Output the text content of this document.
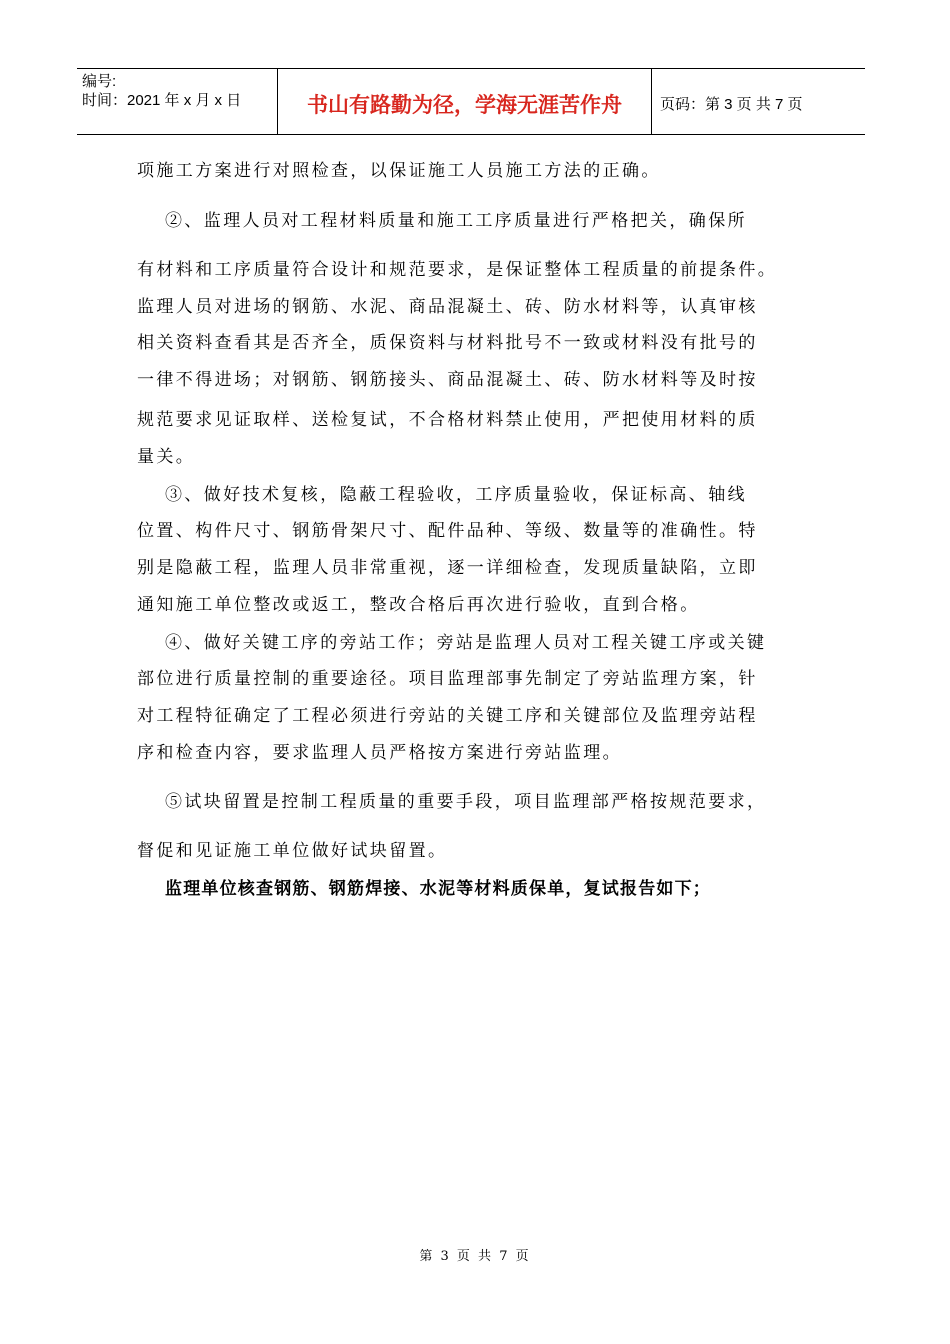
编号:
时间：2021 年 x 月 x 日	书山有路勤为径，学海无涯苦作舟	页码：第 3 页 共 7 页
项施工方案进行对照检查，以保证施工人员施工方法的正确。
②、监理人员对工程材料质量和施工工序质量进行严格把关，确保所
有材料和工序质量符合设计和规范要求，是保证整体工程质量的前提条件。
监理人员对进场的钢筋、水泥、商品混凝土、砖、防水材料等，认真审核
相关资料查看其是否齐全，质保资料与材料批号不一致或材料没有批号的
一律不得进场；对钢筋、钢筋接头、商品混凝土、砖、防水材料等及时按
规范要求见证取样、送检复试，不合格材料禁止使用，严把使用材料的质
量关。
③、做好技术复核，隐蔽工程验收，工序质量验收，保证标高、轴线
位置、构件尺寸、钢筋骨架尺寸、配件品种、等级、数量等的准确性。特
别是隐蔽工程，监理人员非常重视，逐一详细检查，发现质量缺陷，立即
通知施工单位整改或返工，整改合格后再次进行验收，直到合格。
④、做好关键工序的旁站工作；旁站是监理人员对工程关键工序或关键
部位进行质量控制的重要途径。项目监理部事先制定了旁站监理方案，针
对工程特征确定了工程必须进行旁站的关键工序和关键部位及监理旁站程
序和检查内容，要求监理人员严格按方案进行旁站监理。
⑤试块留置是控制工程质量的重要手段，项目监理部严格按规范要求，
督促和见证施工单位做好试块留置。
监理单位核查钢筋、钢筋焊接、水泥等材料质保单，复试报告如下；
第 3 页 共 7 页
